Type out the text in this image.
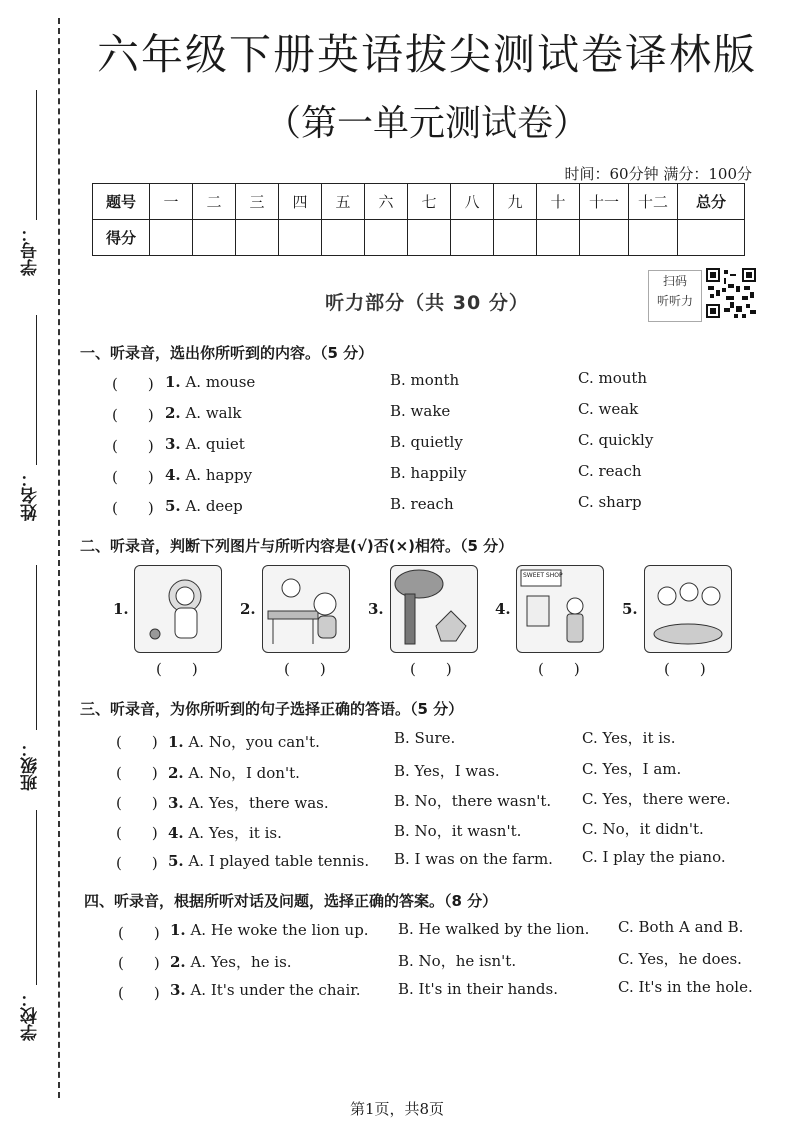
学号：
姓名：
班级：
学校：
六年级下册英语拔尖测试卷译林版
（第一单元测试卷）
时间：60分钟 满分：100分
题号	一	二	三	四	五	六	七	八	九	十	十一	十二	总分
得分													
听力部分（共 30 分）
扫码
听听力
一、听录音，选出你所听到的内容。（5 分）
(　　) 1. A. mouse	B. month	C. mouth
(　　) 2. A. walk	B. wake	C. weak
(　　) 3. A. quiet	B. quietly	C. quickly
(　　) 4. A. happy	B. happily	C. reach
(　　) 5. A. deep	B. reach	C. sharp
二、听录音，判断下列图片与所听内容是(√)否(×)相符。（5 分）
1.
(　　)
2.
(　　)
3.
(　　)
4.
SWEET SHOP
(　　)
5.
(　　)
三、听录音，为你所听到的句子选择正确的答语。（5 分）
(　　) 1. A. No，you can't.	B. Sure.	C. Yes，it is.
(　　) 2. A. No，I don't.	B. Yes，I was.	C. Yes，I am.
(　　) 3. A. Yes，there was.	B. No，there wasn't. C. Yes，there were.
(　　) 4. A. Yes，it is.	B. No，it wasn't.	C. No，it didn't.
(　　) 5. A. I played table tennis. B. I was on the farm. C. I play the piano.
四、听录音，根据所听对话及问题，选择正确的答案。（8 分）
(　　) 1. A. He woke the lion up. B. He walked by the lion. C. Both A and B.
(　　) 2. A. Yes，he is.	B. No，he isn't.	C. Yes，he does.
(　　) 3. A. It's under the chair. B. It's in their hands.	C. It's in the hole.
第1页，共8页
